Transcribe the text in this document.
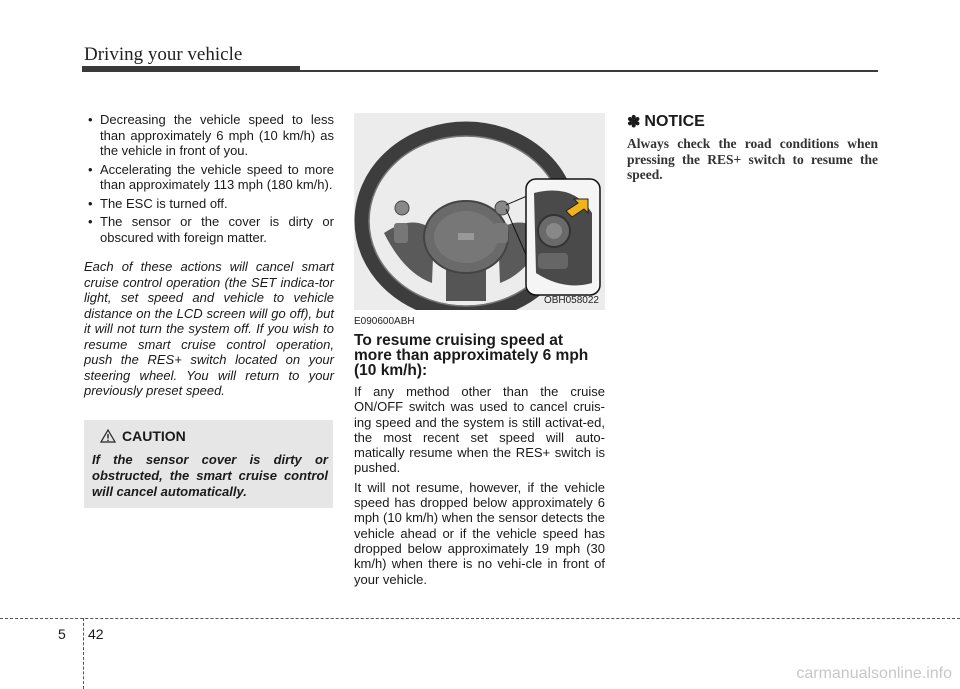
Driving your vehicle
• Decreasing the vehicle speed to less than approximately 6 mph (10 km/h) as the vehicle in front of you.
• Accelerating the vehicle speed to more than approximately 113 mph (180 km/h).
• The ESC is turned off.
• The sensor or the cover is dirty or obscured with foreign matter.
Each of these actions will cancel smart cruise control operation (the SET indica-tor light, set speed and vehicle to vehicle distance on the LCD screen will go off), but it will not turn the system off. If you wish to resume smart cruise control operation, push the RES+ switch located on your steering wheel. You will return to your previously preset speed.
CAUTION
If the sensor cover is dirty or obstructed, the smart cruise control will cancel automatically.
OBH058022
E090600ABH
To resume cruising speed at more than approximately 6 mph (10 km/h):

If any method other than the cruise ON/OFF switch was used to cancel cruis-ing speed and the system is still activat-ed, the most recent set speed will auto-matically resume when the RES+ switch is pushed.

It will not resume, however, if the vehicle speed has dropped below approximately 6 mph (10 km/h) when the sensor detects the vehicle ahead or if the vehicle speed has dropped below approximately 19 mph (30 km/h) when there is no vehi-cle in front of your vehicle.

✽ NOTICE
Always check the road conditions when pressing the RES+ switch to resume the speed.
5 42
carmanualsonline.info
